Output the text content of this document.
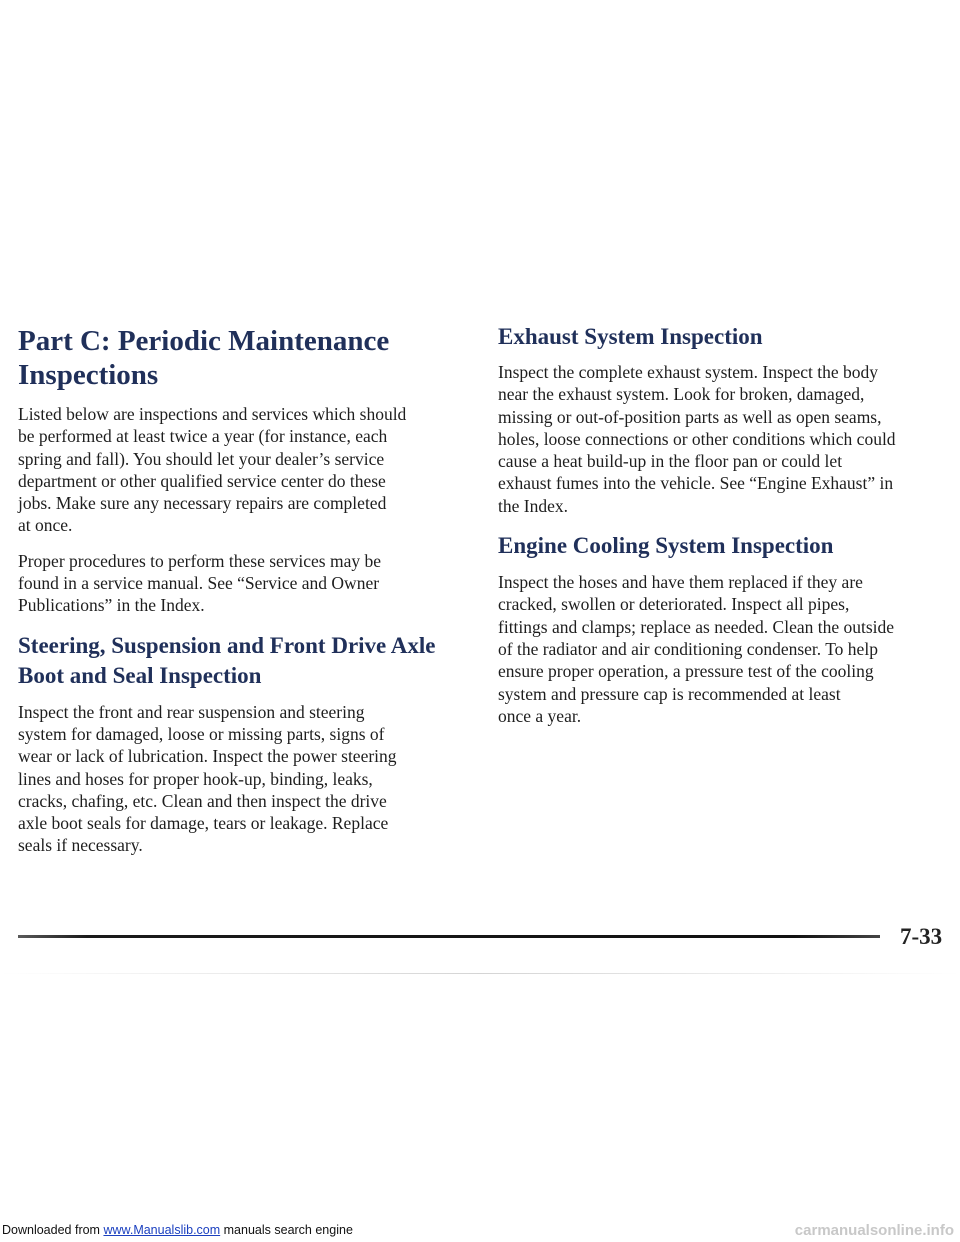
Part C: Periodic Maintenance
Inspections

Listed below are inspections and services which should
be performed at least twice a year (for instance, each
spring and fall). You should let your dealer’s service
department or other qualified service center do these
jobs. Make sure any necessary repairs are completed
at once.

Proper procedures to perform these services may be
found in a service manual. See “Service and Owner
Publications” in the Index.

Steering, Suspension and Front Drive Axle
Boot and Seal Inspection

Inspect the front and rear suspension and steering
system for damaged, loose or missing parts, signs of
wear or lack of lubrication. Inspect the power steering
lines and hoses for proper hook-up, binding, leaks,
cracks, chafing, etc. Clean and then inspect the drive
axle boot seals for damage, tears or leakage. Replace
seals if necessary.

Exhaust System Inspection

Inspect the complete exhaust system. Inspect the body
near the exhaust system. Look for broken, damaged,
missing or out-of-position parts as well as open seams,
holes, loose connections or other conditions which could
cause a heat build-up in the floor pan or could let
exhaust fumes into the vehicle. See “Engine Exhaust” in
the Index.

Engine Cooling System Inspection

Inspect the hoses and have them replaced if they are
cracked, swollen or deteriorated. Inspect all pipes,
fittings and clamps; replace as needed. Clean the outside
of the radiator and air conditioning condenser. To help
ensure proper operation, a pressure test of the cooling
system and pressure cap is recommended at least
once a year.

7-33
Downloaded from www.Manualslib.com manuals search engine	carmanualsonline.info
